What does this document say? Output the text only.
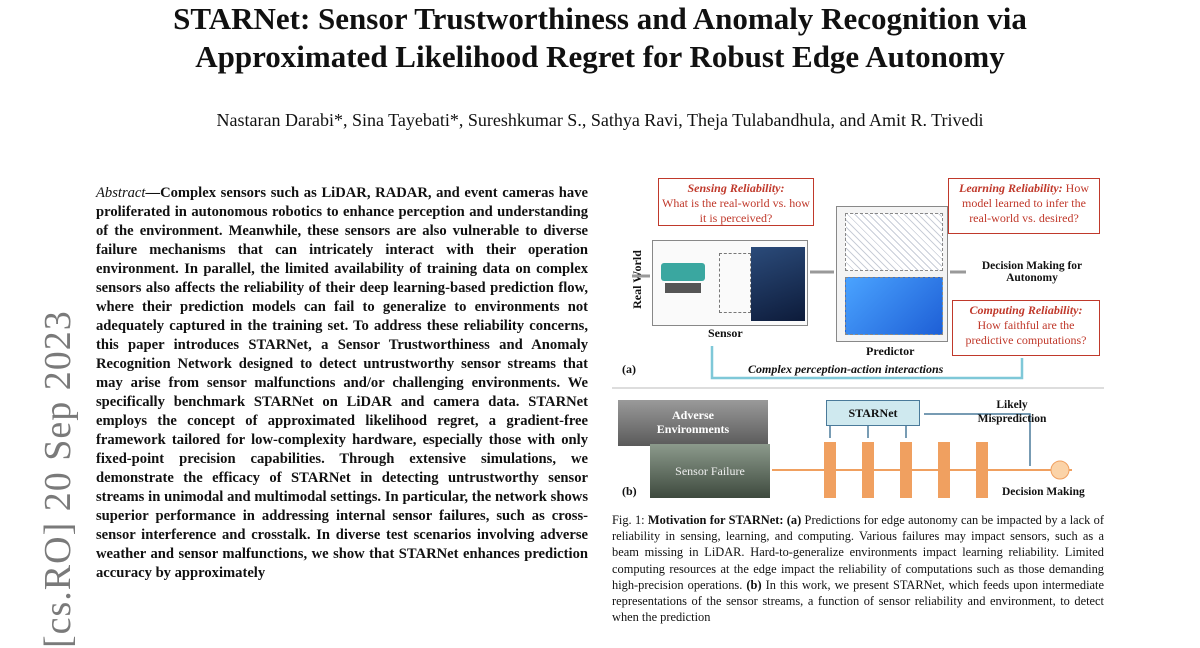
STARNet: Sensor Trustworthiness and Anomaly Recognition via
Approximated Likelihood Regret for Robust Edge Autonomy
Nastaran Darabi*, Sina Tayebati*, Sureshkumar S., Sathya Ravi, Theja Tulabandhula, and Amit R. Trivedi
[cs.RO] 20 Sep 2023
Abstract—Complex sensors such as LiDAR, RADAR, and event cameras have proliferated in autonomous robotics to enhance perception and understanding of the environment. Meanwhile, these sensors are also vulnerable to diverse failure mechanisms that can intricately interact with their operation environment. In parallel, the limited availability of training data on complex sensors also affects the reliability of their deep learning-based prediction flow, where their prediction models can fail to generalize to environments not adequately captured in the training set. To address these reliability concerns, this paper introduces STARNet, a Sensor Trustworthiness and Anomaly Recognition Network designed to detect untrustworthy sensor streams that may arise from sensor malfunctions and/or challenging environments. We specifically benchmark STARNet on LiDAR and camera data. STARNet employs the concept of approximated likelihood regret, a gradient-free framework tailored for low-complexity hardware, especially those with only fixed-point precision capabilities. Through extensive simulations, we demonstrate the efficacy of STARNet in detecting untrustworthy sensor streams in unimodal and multimodal settings. In particular, the network shows superior performance in addressing internal sensor failures, such as cross-sensor interference and crosstalk. In diverse test scenarios involving adverse weather and sensor malfunctions, we show that STARNet enhances prediction accuracy by approximately
Sensing Reliability:
What is the real-world vs. how it is perceived?
Learning Reliability: How model learned to infer the real-world vs. desired?
Computing Reliability:
How faithful are the predictive computations?
Real World
Sensor
Predictor
Decision Making for
Autonomy
(a)	Complex perception-action interactions
Adverse
Environments
Sensor Failure
STARNet
Likely
Misprediction
(b)	Decision Making
Fig. 1: Motivation for STARNet: (a) Predictions for edge autonomy can be impacted by a lack of reliability in sensing, learning, and computing. Various failures may impact sensors, such as a beam missing in LiDAR. Hard-to-generalize environments impact learning reliability. Limited computing resources at the edge impact the reliability of computations such as those demanding high-precision operations. (b) In this work, we present STARNet, which feeds upon intermediate representations of the sensor streams, a function of sensor reliability and environment, to detect when the prediction
